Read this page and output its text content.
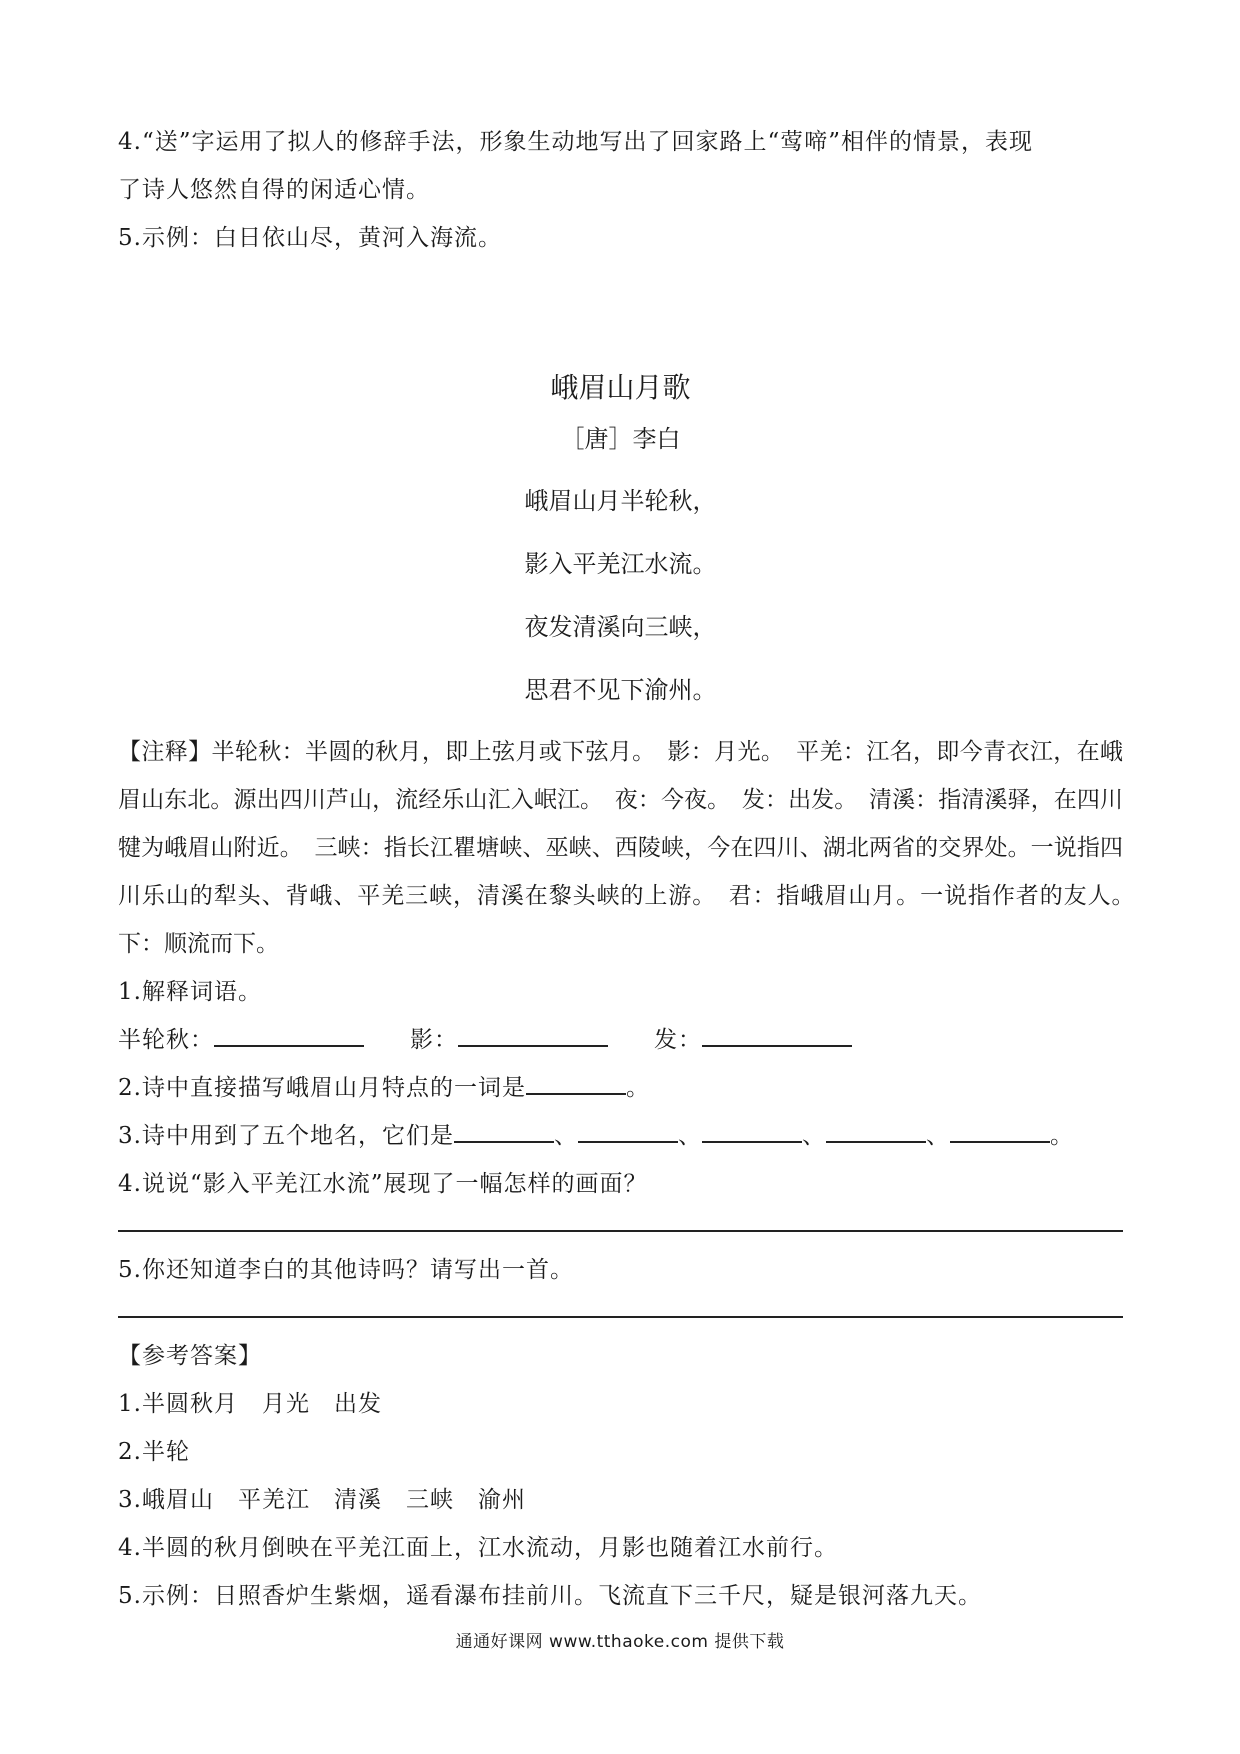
4.“送”字运用了拟人的修辞手法，形象生动地写出了回家路上“莺啼”相伴的情景，表现
了诗人悠然自得的闲适心情。
5.示例：白日依山尽，黄河入海流。
峨眉山月歌
［唐］李白
峨眉山月半轮秋，
影入平羌江水流。
夜发清溪向三峡，
思君不见下渝州。
【注释】半轮秋：半圆的秋月，即上弦月或下弦月。　影：月光。　平羌：江名，即今青衣江，在峨眉山东北。源出四川芦山，流经乐山汇入岷江。　夜：今夜。　发：出发。　清溪：指清溪驿，在四川犍为峨眉山附近。　三峡：指长江瞿塘峡、巫峡、西陵峡，今在四川、湖北两省的交界处。一说指四川乐山的犁头、背峨、平羌三峡，清溪在黎头峡的上游。　君：指峨眉山月。一说指作者的友人。　下：顺流而下。
1.解释词语。
半轮秋：	影：	发：
2.诗中直接描写峨眉山月特点的一词是	。
3.诗中用到了五个地名，它们是	、	、	、	、	。
4.说说“影入平羌江水流”展现了一幅怎样的画面？
5.你还知道李白的其他诗吗？请写出一首。
【参考答案】
1.半圆秋月　月光　出发
2.半轮
3.峨眉山　平羌江　清溪　三峡　渝州
4.半圆的秋月倒映在平羌江面上，江水流动，月影也随着江水前行。
5.示例：日照香炉生紫烟，遥看瀑布挂前川。飞流直下三千尺，疑是银河落九天。
通通好课网 www.tthaoke.com 提供下载
